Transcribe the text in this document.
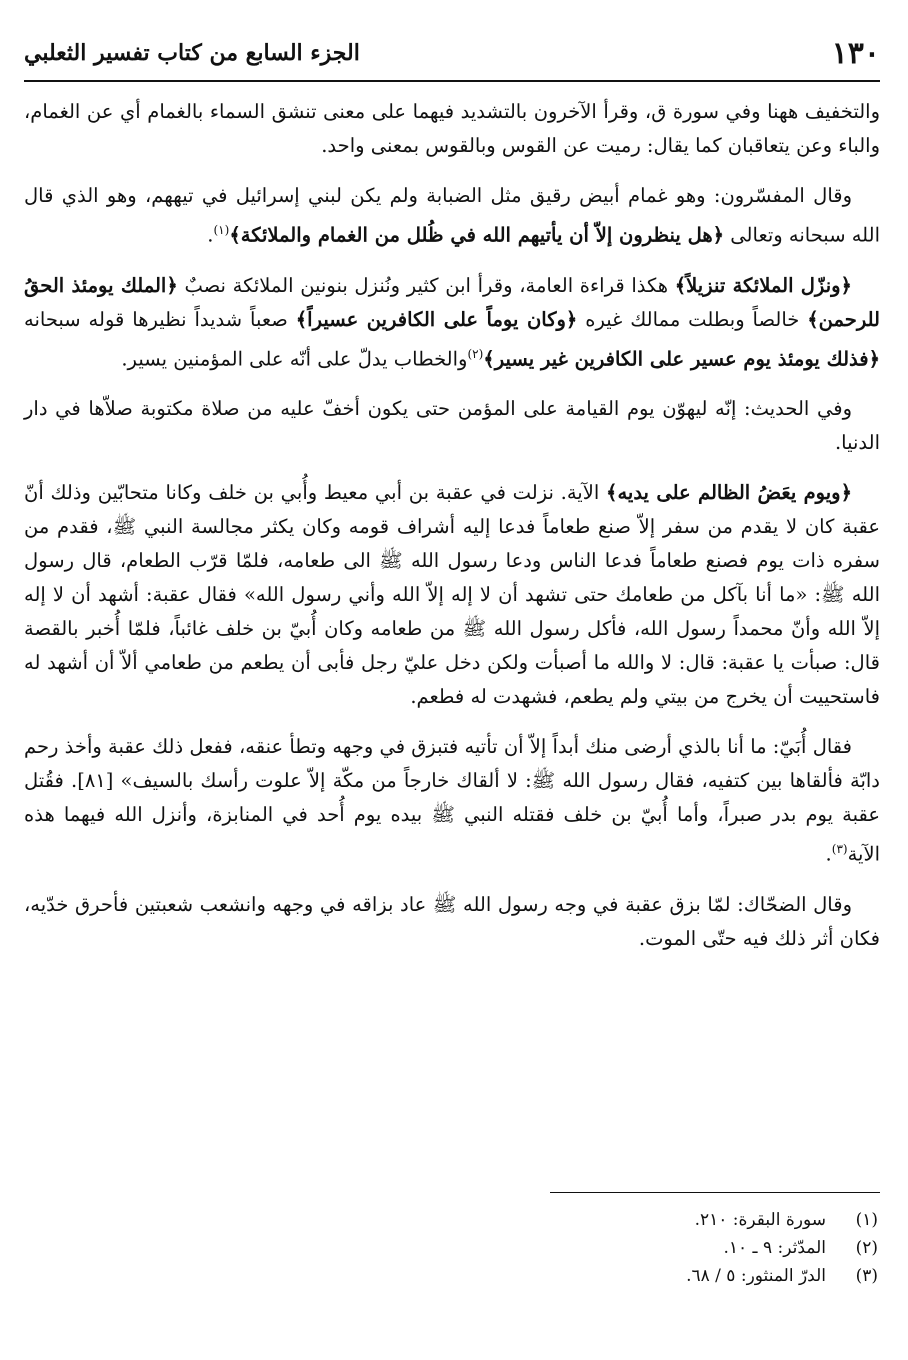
١٣٠
الجزء السابع من كتاب تفسير الثعلبي

والتخفيف ههنا وفي سورة ق، وقرأ الآخرون بالتشديد فيهما على معنى تنشق السماء بالغمام أي عن الغمام، والباء وعن يتعاقبان كما يقال: رميت عن القوس وبالقوس بمعنى واحد.

وقال المفسّرون: وهو غمام أبيض رقيق مثل الضبابة ولم يكن لبني إسرائيل في تيههم، وهو الذي قال الله سبحانه وتعالى ﴿هل ينظرون إلاّ أن يأتيهم الله في ظُلل من الغمام والملائكة﴾$^{(١)}$.
﴿ونزّل الملائكة تنزيلاً﴾ هكذا قراءة العامة، وقرأ ابن كثير ونُنزل بنونين الملائكة نصبٌ ﴿الملك يومئذ الحقُ للرحمن﴾ خالصاً وبطلت ممالك غيره ﴿وكان يوماً على الكافرين عسيراً﴾ صعباً شديداً نظيرها قوله سبحانه ﴿فذلك يومئذ يوم عسير على الكافرين غير يسير﴾$^{(٢)}$والخطاب يدلّ على أنّه على المؤمنين يسير.
وفي الحديث: إنّه ليهوّن يوم القيامة على المؤمن حتى يكون أخفّ عليه من صلاة مكتوبة صلاّها في دار الدنيا.
﴿ويوم يعَضُ الظالم على يديه﴾ الآية. نزلت في عقبة بن أبي معيط وأُبي بن خلف وكانا متحابّين وذلك أنّ عقبة كان لا يقدم من سفر إلاّ صنع طعاماً فدعا إليه أشراف قومه وكان يكثر مجالسة النبي ﷺ، فقدم من سفره ذات يوم فصنع طعاماً فدعا الناس ودعا رسول الله ﷺ الى طعامه، فلمّا قرّب الطعام، قال رسول الله ﷺ: «ما أنا بآكل من طعامك حتى تشهد أن لا إله إلاّ الله وأني رسول الله» فقال عقبة: أشهد أن لا إله إلاّ الله وأنّ محمداً رسول الله، فأكل رسول الله ﷺ من طعامه وكان أُبيّ بن خلف غائباً، فلمّا أُخبر بالقصة قال: صبأت يا عقبة: قال: لا والله ما أصبأت ولكن دخل عليّ رجل فأبى أن يطعم من طعامي ألاّ أن أشهد له فاستحييت أن يخرج من بيتي ولم يطعم، فشهدت له فطعم.
فقال أُبَيّ: ما أنا بالذي أرضى منك أبداً إلاّ أن تأتيه فتبزق في وجهه وتطأ عنقه، ففعل ذلك عقبة وأخذ رحم دابّة فألقاها بين كتفيه، فقال رسول الله ﷺ: لا ألقاك خارجاً من مكّة إلاّ علوت رأسك بالسيف» [٨١]. فقُتل عقبة يوم بدر صبراً، وأما أُبيّ بن خلف فقتله النبي ﷺ بيده يوم أُحد في المنابزة، وأنزل الله فيهما هذه الآية$^{(٣)}$.
وقال الضحّاك: لمّا بزق عقبة في وجه رسول الله ﷺ عاد بزاقه في وجهه وانشعب شعبتين فأحرق خدّيه، فكان أثر ذلك فيه حتّى الموت.
(١)
سورة البقرة: ٢١٠.
(٢)
المدّثر: ٩ ـ ١٠.
(٣)
الدرّ المنثور: ٥ / ٦٨.
